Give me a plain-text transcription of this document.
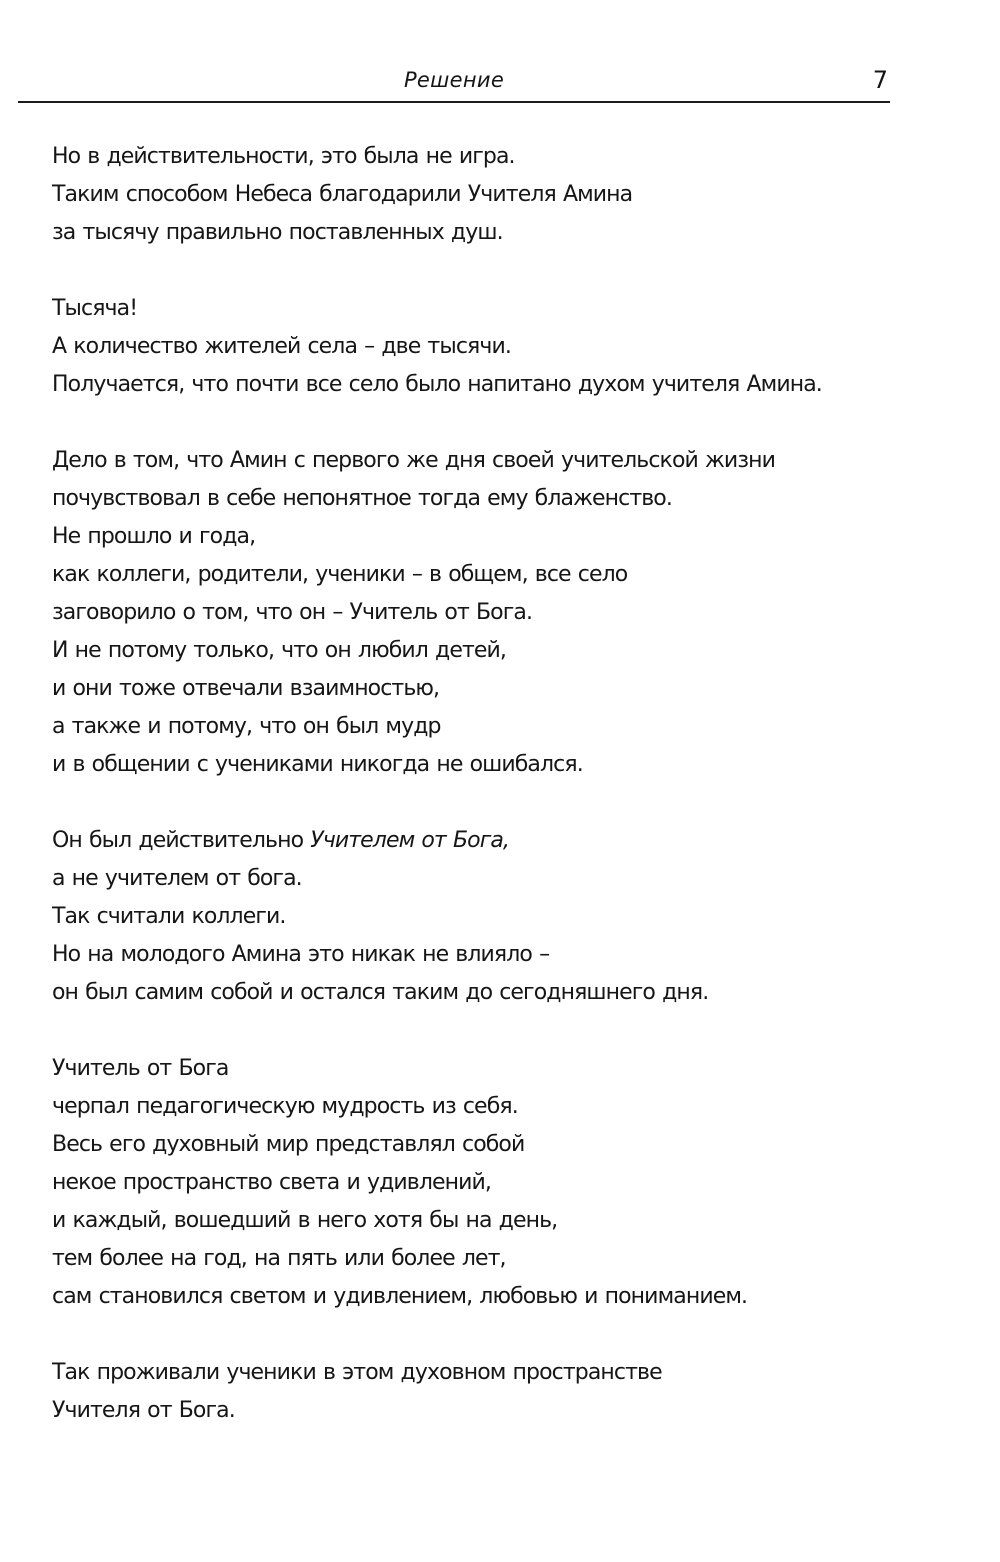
Решение	7
Но в действительности, это была не игра.
Таким способом Небеса благодарили Учителя Амина
за тысячу правильно поставленных душ.
Тысяча!
А количество жителей села – две тысячи.
Получается, что почти все село было напитано духом учителя Амина.
Дело в том, что Амин с первого же дня своей учительской жизни
почувствовал в себе непонятное тогда ему блаженство.
Не прошло и года,
как коллеги, родители, ученики – в общем, все село
заговорило о том, что он – Учитель от Бога.
И не потому только, что он любил детей,
и они тоже отвечали взаимностью,
а также и потому, что он был мудр
и в общении с учениками никогда не ошибался.
Он был действительно Учителем от Бога,
а не учителем от бога.
Так считали коллеги.
Но на молодого Амина это никак не влияло –
он был самим собой и остался таким до сегодняшнего дня.
Учитель от Бога
черпал педагогическую мудрость из себя.
Весь его духовный мир представлял собой
некое пространство света и удивлений,
и каждый, вошедший в него хотя бы на день,
тем более на год, на пять или более лет,
сам становился светом и удивлением, любовью и пониманием.
Так проживали ученики в этом духовном пространстве
Учителя от Бога.
